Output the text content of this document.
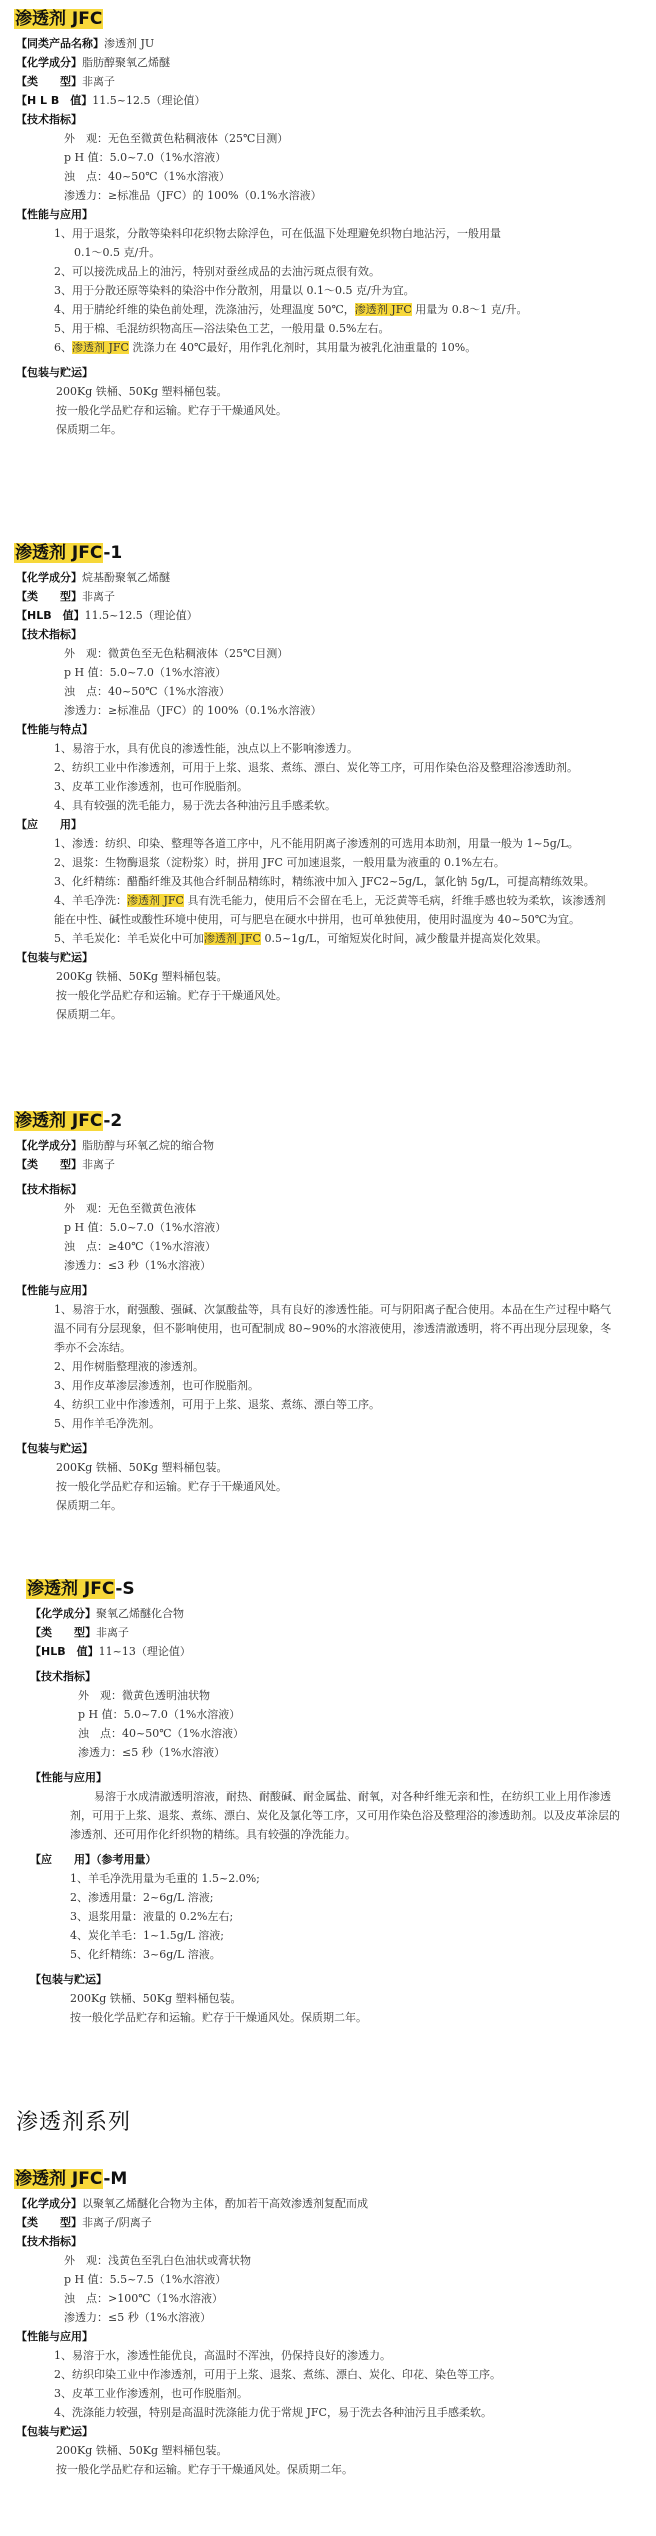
渗透剂 JFC
【同类产品名称】渗透剂 JU
【化学成分】脂肪醇聚氧乙烯醚
【类　　型】非离子
【H L B　值】11.5~12.5（理论值）
【技术指标】
外　观：无色至微黄色粘稠液体（25℃目测）
p H 值：5.0~7.0（1%水溶液）
浊　点：40~50℃（1%水溶液）
渗透力：≥标准品（JFC）的 100%（0.1%水溶液）
【性能与应用】
1、用于退浆，分散等染料印花织物去除浮色，可在低温下处理避免织物白地沾污，一般用量
0.1～0.5 克/升。
2、可以接洗成品上的油污，特别对蚕丝成品的去油污斑点很有效。
3、用于分散还原等染料的染浴中作分散剂，用量以 0.1～0.5 克/升为宜。
4、用于腈纶纤维的染色前处理，洗涤油污，处理温度 50℃，渗透剂 JFC 用量为 0.8～1 克/升。
5、用于棉、毛混纺织物高压—浴法染色工艺，一般用量 0.5%左右。
6、渗透剂 JFC 洗涤力在 40℃最好，用作乳化剂时，其用量为被乳化油重量的 10%。
【包装与贮运】
200Kg 铁桶、50Kg 塑料桶包装。
按一般化学品贮存和运输。贮存于干燥通风处。
保质期二年。
渗透剂 JFC-1
【化学成分】烷基酚聚氧乙烯醚
【类　　型】非离子
【HLB　值】11.5~12.5（理论值）
【技术指标】
外　观：微黄色至无色粘稠液体（25℃目测）
p H 值：5.0~7.0（1%水溶液）
浊　点：40~50℃（1%水溶液）
渗透力：≥标准品（JFC）的 100%（0.1%水溶液）
【性能与特点】
1、易溶于水，具有优良的渗透性能，浊点以上不影响渗透力。
2、纺织工业中作渗透剂，可用于上浆、退浆、煮练、漂白、炭化等工序，可用作染色浴及整理浴渗透助剂。
3、皮革工业作渗透剂，也可作脱脂剂。
4、具有较强的洗毛能力，易于洗去各种油污且手感柔软。
【应　　用】
1、渗透：纺织、印染、整理等各道工序中，凡不能用阴离子渗透剂的可选用本助剂，用量一般为 1~5g/L。
2、退浆：生物酶退浆（淀粉浆）时，拼用 JFC 可加速退浆，一般用量为液重的 0.1%左右。
3、化纤精练：醋酯纤维及其他合纤制品精练时，精练液中加入 JFC2~5g/L，氯化钠 5g/L，可提高精练效果。
4、羊毛净洗：渗透剂 JFC 具有洗毛能力，使用后不会留在毛上，无泛黄等毛病，纤维手感也较为柔软，该渗透剂能在中性、碱性或酸性环境中使用，可与肥皂在硬水中拼用，也可单独使用，使用时温度为 40~50℃为宜。
5、羊毛炭化：羊毛炭化中可加渗透剂 JFC 0.5~1g/L，可缩短炭化时间，减少酸量并提高炭化效果。
【包装与贮运】
200Kg 铁桶、50Kg 塑料桶包装。
按一般化学品贮存和运输。贮存于干燥通风处。
保质期二年。
渗透剂 JFC-2
【化学成分】脂肪醇与环氧乙烷的缩合物
【类　　型】非离子
【技术指标】
外　观：无色至微黄色液体
p H 值：5.0~7.0（1%水溶液）
浊　点：≥40℃（1%水溶液）
渗透力：≤3 秒（1%水溶液）
【性能与应用】
1、易溶于水，耐强酸、强碱、次氯酸盐等，具有良好的渗透性能。可与阴阳离子配合使用。本品在生产过程中略气温不同有分层现象，但不影响使用，也可配制成 80~90%的水溶液使用，渗透清澈透明，将不再出现分层现象，冬季亦不会冻结。
2、用作树脂整理液的渗透剂。
3、用作皮革渗层渗透剂，也可作脱脂剂。
4、纺织工业中作渗透剂，可用于上浆、退浆、煮练、漂白等工序。
5、用作羊毛净洗剂。
【包装与贮运】
200Kg 铁桶、50Kg 塑料桶包装。
按一般化学品贮存和运输。贮存于干燥通风处。
保质期二年。
渗透剂 JFC-S
【化学成分】聚氧乙烯醚化合物
【类　　型】非离子
【HLB　值】11~13（理论值）
【技术指标】
外　观：微黄色透明油状物
p H 值：5.0~7.0（1%水溶液）
浊　点：40~50℃（1%水溶液）
渗透力：≤5 秒（1%水溶液）
【性能与应用】
易溶于水成清澈透明溶液，耐热、耐酸碱、耐金属盐、耐氧，对各种纤维无亲和性，在纺织工业上用作渗透剂，可用于上浆、退浆、煮练、漂白、炭化及氯化等工序，又可用作染色浴及整理浴的渗透助剂。以及皮革涂层的渗透剂、还可用作化纤织物的精练。具有较强的净洗能力。
【应　　用】（参考用量）
1、羊毛净洗用量为毛重的 1.5~2.0%;
2、渗透用量：2~6g/L 溶液;
3、退浆用量：液量的 0.2%左右;
4、炭化羊毛：1~1.5g/L 溶液;
5、化纤精练：3~6g/L 溶液。
【包装与贮运】
200Kg 铁桶、50Kg 塑料桶包装。
按一般化学品贮存和运输。贮存于干燥通风处。保质期二年。
渗透剂系列
渗透剂 JFC-M
【化学成分】以聚氧乙烯醚化合物为主体，酌加若干高效渗透剂复配而成
【类　　型】非离子/阴离子
【技术指标】
外　观：浅黄色至乳白色油状或膏状物
p H 值：5.5~7.5（1%水溶液）
浊　点：>100℃（1%水溶液）
渗透力：≤5 秒（1%水溶液）
【性能与应用】
1、易溶于水，渗透性能优良，高温时不浑浊，仍保持良好的渗透力。
2、纺织印染工业中作渗透剂，可用于上浆、退浆、煮练、漂白、炭化、印花、染色等工序。
3、皮革工业作渗透剂，也可作脱脂剂。
4、洗涤能力较强，特别是高温时洗涤能力优于常规 JFC，易于洗去各种油污且手感柔软。
【包装与贮运】
200Kg 铁桶、50Kg 塑料桶包装。
按一般化学品贮存和运输。贮存于干燥通风处。保质期二年。
